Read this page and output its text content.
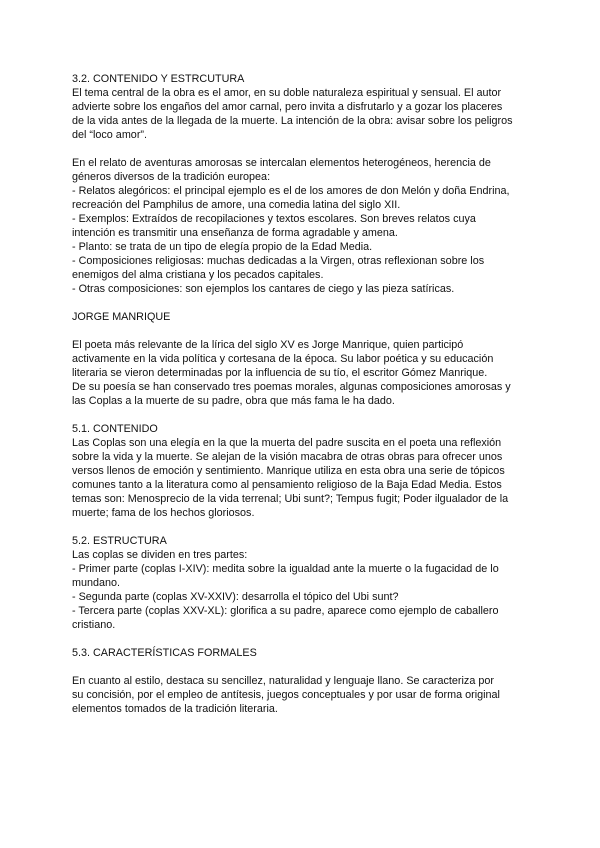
3.2. CONTENIDO Y ESTRCUTURA
El tema central de la obra es el amor, en su doble naturaleza espiritual y sensual. El autor
advierte sobre los engaños del amor carnal, pero invita a disfrutarlo y a gozar los placeres
de la vida antes de la llegada de la muerte. La intención de la obra: avisar sobre los peligros
del “loco amor”.
En el relato de aventuras amorosas se intercalan elementos heterogéneos, herencia de
géneros diversos de la tradición europea:
- Relatos alegóricos: el principal ejemplo es el de los amores de don Melón y doña Endrina,
recreación del Pamphilus de amore, una comedia latina del siglo XII.
- Exemplos: Extraídos de recopilaciones y textos escolares. Son breves relatos cuya
intención es transmitir una enseñanza de forma agradable y amena.
- Planto: se trata de un tipo de elegía propio de la Edad Media.
- Composiciones religiosas: muchas dedicadas a la Virgen, otras reflexionan sobre los
enemigos del alma cristiana y los pecados capitales.
- Otras composiciones: son ejemplos los cantares de ciego y las pieza satíricas.
JORGE MANRIQUE
El poeta más relevante de la lírica del siglo XV es Jorge Manrique, quien participó
activamente en la vida política y cortesana de la época. Su labor poética y su educación
literaria se vieron determinadas por la influencia de su tío, el escritor Gómez Manrique.
De su poesía se han conservado tres poemas morales, algunas composiciones amorosas y
las Coplas a la muerte de su padre, obra que más fama le ha dado.
5.1. CONTENIDO
Las Coplas son una elegía en la que la muerta del padre suscita en el poeta una reflexión
sobre la vida y la muerte. Se alejan de la visión macabra de otras obras para ofrecer unos
versos llenos de emoción y sentimiento. Manrique utiliza en esta obra una serie de tópicos
comunes tanto a la literatura como al pensamiento religioso de la Baja Edad Media. Estos
temas son: Menosprecio de la vida terrenal; Ubi sunt?; Tempus fugit; Poder ilgualador de la
muerte; fama de los hechos gloriosos.
5.2. ESTRUCTURA
Las coplas se dividen en tres partes:
- Primer parte (coplas I-XIV): medita sobre la igualdad ante la muerte o la fugacidad de lo
mundano.
- Segunda parte (coplas XV-XXIV): desarrolla el tópico del Ubi sunt?
- Tercera parte (coplas XXV-XL): glorifica a su padre, aparece como ejemplo de caballero
cristiano.
5.3. CARACTERÍSTICAS FORMALES
En cuanto al estilo, destaca su sencillez, naturalidad y lenguaje llano. Se caracteriza por
su concisión, por el empleo de antítesis, juegos conceptuales y por usar de forma original
elementos tomados de la tradición literaria.
